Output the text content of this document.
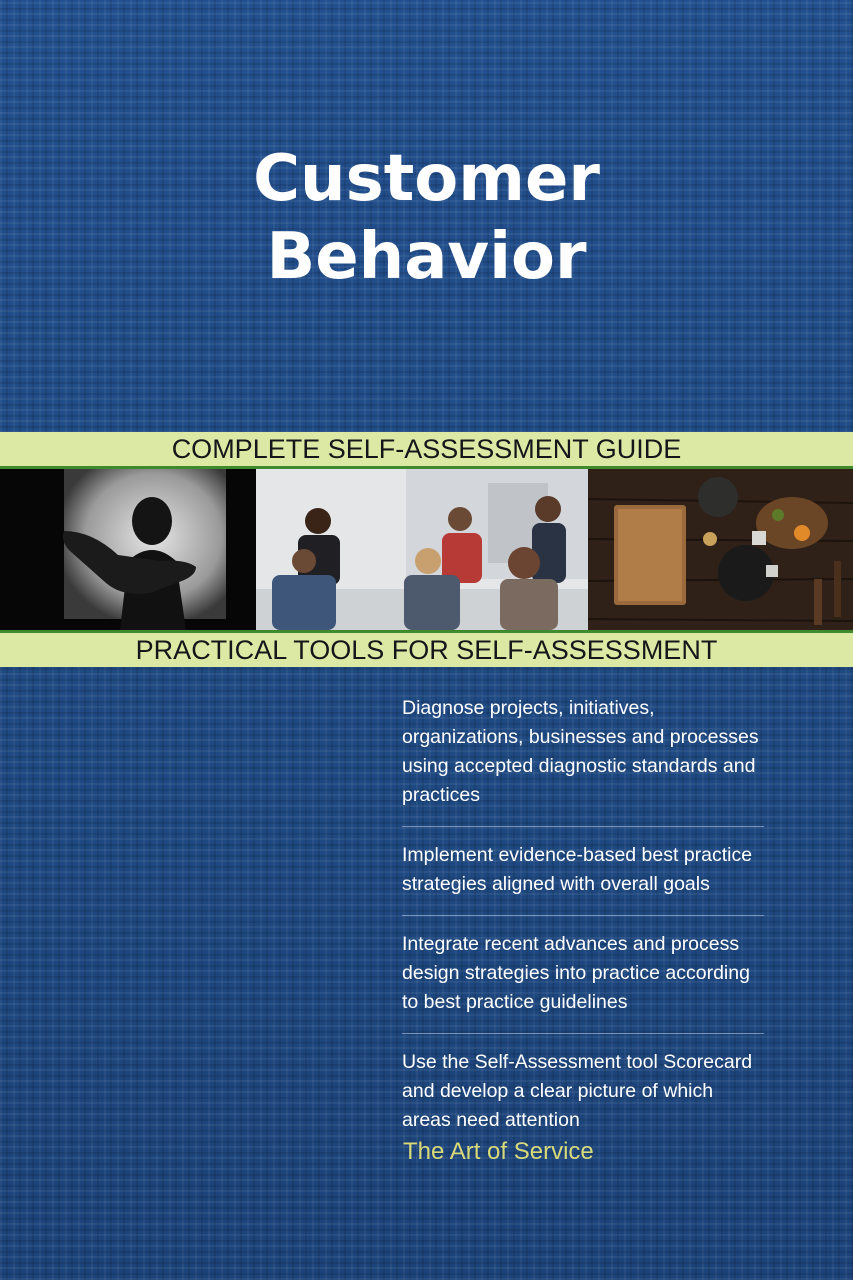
Customer
Behavior
COMPLETE SELF-ASSESSMENT GUIDE
PRACTICAL TOOLS FOR SELF-ASSESSMENT
Diagnose projects, initiatives, organizations, businesses and processes using accepted diagnostic standards and practices
Implement evidence-based best practice strategies aligned with overall goals
Integrate recent advances and process design strategies into practice according to best practice guidelines
Use the Self-Assessment tool Scorecard and develop a clear picture of which areas need attention
The Art of Service
